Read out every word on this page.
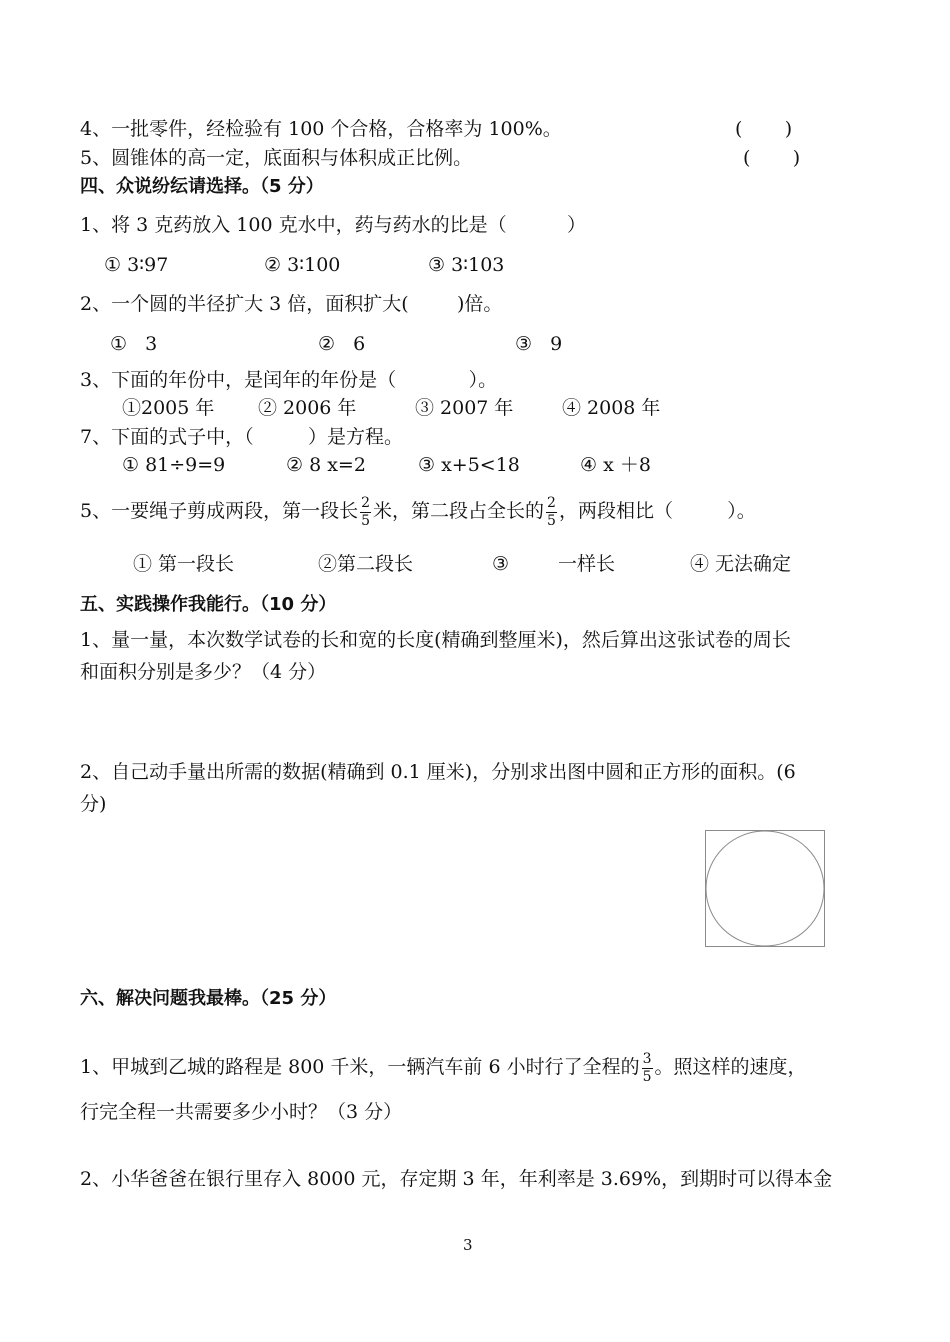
4、一批零件，经检验有 100 个合格，合格率为 100%。	(       )
5、圆锥体的高一定，底面积与体积成正比例。	(       )
四、众说纷纭请选择。（5 分）
1、将 3 克药放入 100 克水中，药与药水的比是（          ）
① 3∶97	② 3∶100	③ 3∶103
2、一个圆的半径扩大 3 倍，面积扩大(        )倍。
①   3	②   6	③   9
3、下面的年份中，是闰年的年份是（            ）。
①2005 年 ② 2006 年	③ 2007 年	④ 2008 年
7、下面的式子中，（         ）是方程。
① 81÷9=9	② 8 x=2	③ x+5<18	④ x ＋8
5、一要绳子剪成两段，第一段长 $\frac{2}{5}$ 米，第二段占全长的 $\frac{2}{5}$ ，两段相比（         ）。
① 第一段长	②第二段长	③	一样长	④ 无法确定
五、实践操作我能行。（10 分）
1、量一量，本次数学试卷的长和宽的长度(精确到整厘米)，然后算出这张试卷的周长
和面积分别是多少？（4 分）
2、自己动手量出所需的数据(精确到 0.1 厘米)，分别求出图中圆和正方形的面积。(6
分)
六、解决问题我最棒。（25 分）
1、甲城到乙城的路程是 800 千米，一辆汽车前 6 小时行了全程的 $\frac{3}{5}$ 。照这样的速度，
行完全程一共需要多少小时？（3 分）
2、小华爸爸在银行里存入 8000 元，存定期 3 年，年利率是 3.69%，到期时可以得本金
3
